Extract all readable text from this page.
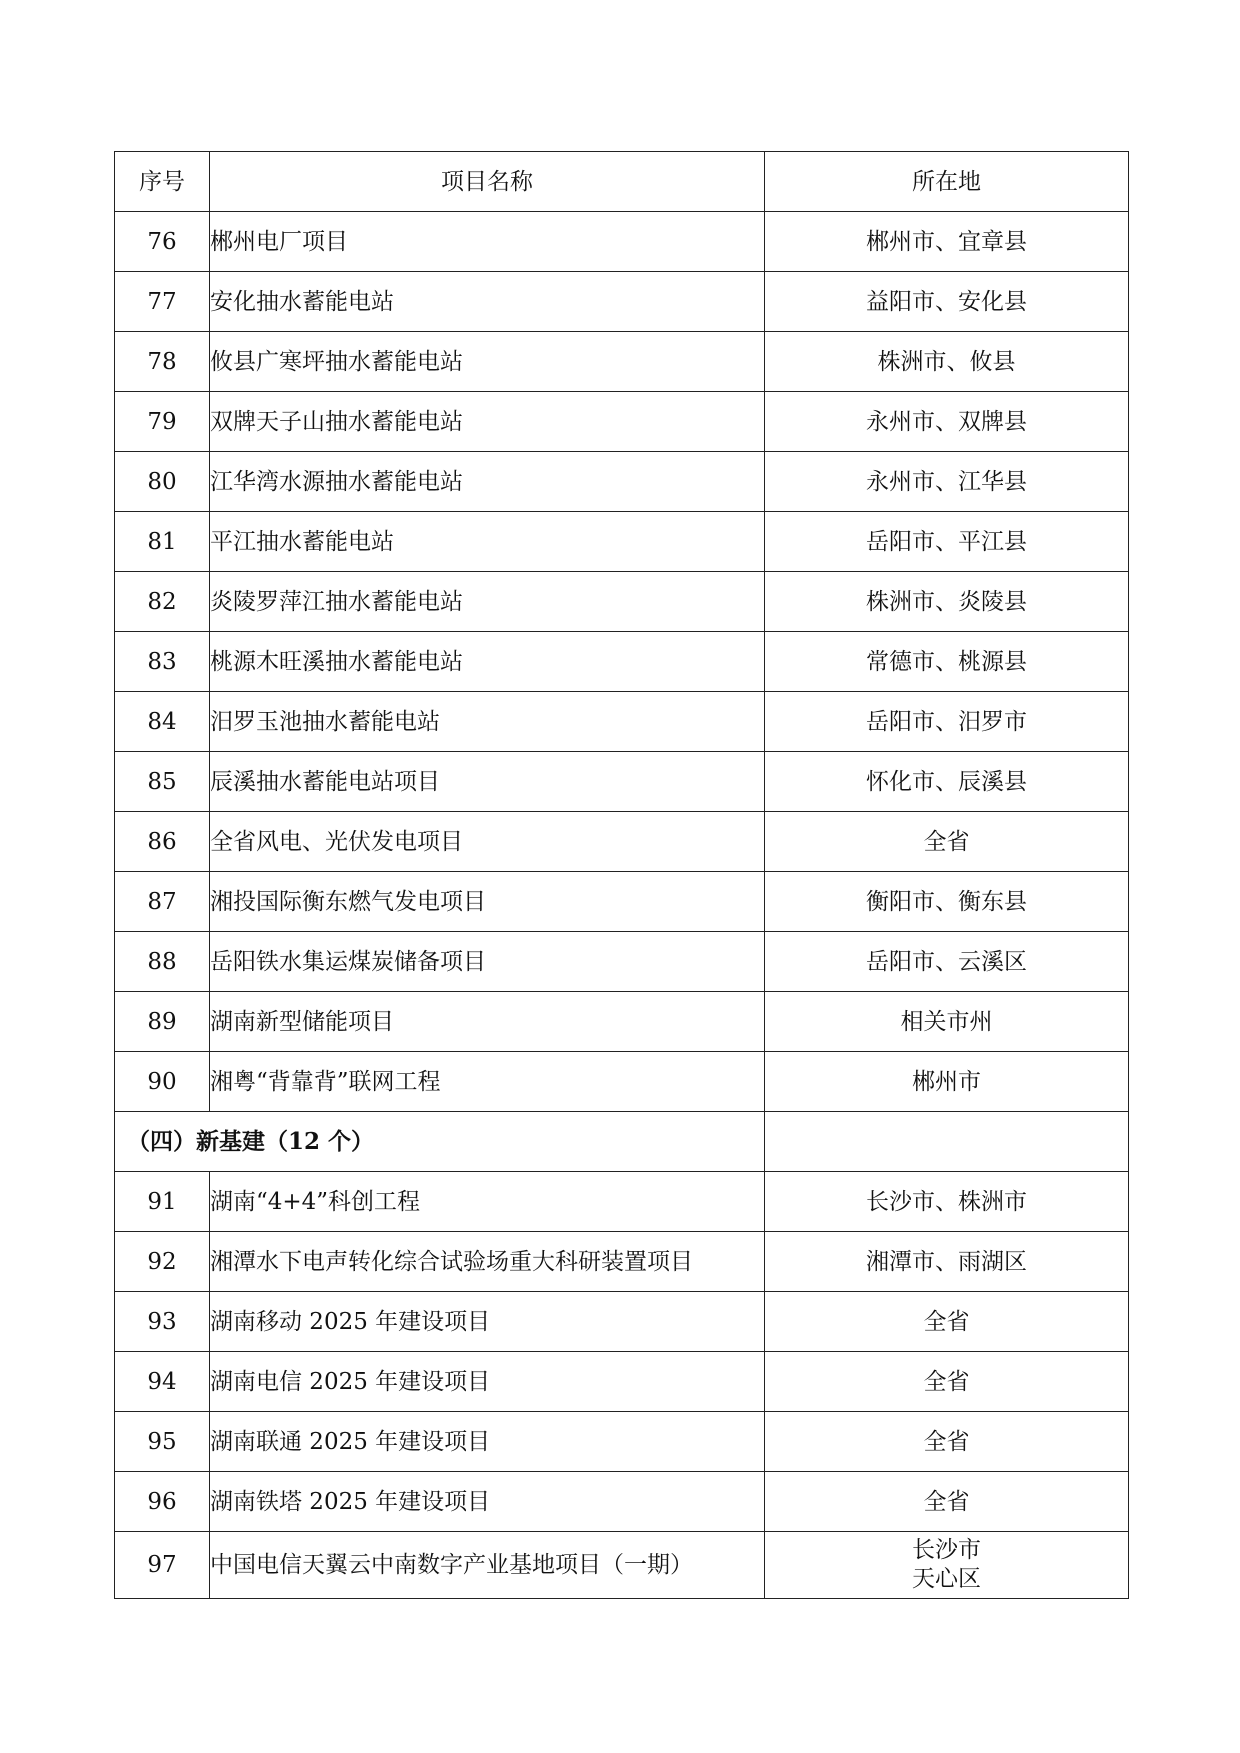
序号	项目名称	所在地
76	郴州电厂项目	郴州市、宜章县
77	安化抽水蓄能电站	益阳市、安化县
78	攸县广寒坪抽水蓄能电站	株洲市、攸县
79	双牌天子山抽水蓄能电站	永州市、双牌县
80	江华湾水源抽水蓄能电站	永州市、江华县
81	平江抽水蓄能电站	岳阳市、平江县
82	炎陵罗萍江抽水蓄能电站	株洲市、炎陵县
83	桃源木旺溪抽水蓄能电站	常德市、桃源县
84	汨罗玉池抽水蓄能电站	岳阳市、汨罗市
85	辰溪抽水蓄能电站项目	怀化市、辰溪县
86	全省风电、光伏发电项目	全省
87	湘投国际衡东燃气发电项目	衡阳市、衡东县
88	岳阳铁水集运煤炭储备项目	岳阳市、云溪区
89	湖南新型储能项目	相关市州
90	湘粤“背靠背”联网工程	郴州市
（四）新基建（12 个）		
91	湖南“4+4”科创工程	长沙市、株洲市
92	湘潭水下电声转化综合试验场重大科研装置项目	湘潭市、雨湖区
93	湖南移动 2025 年建设项目	全省
94	湖南电信 2025 年建设项目	全省
95	湖南联通 2025 年建设项目	全省
96	湖南铁塔 2025 年建设项目	全省
97	中国电信天翼云中南数字产业基地项目（一期）	长沙市
天心区
